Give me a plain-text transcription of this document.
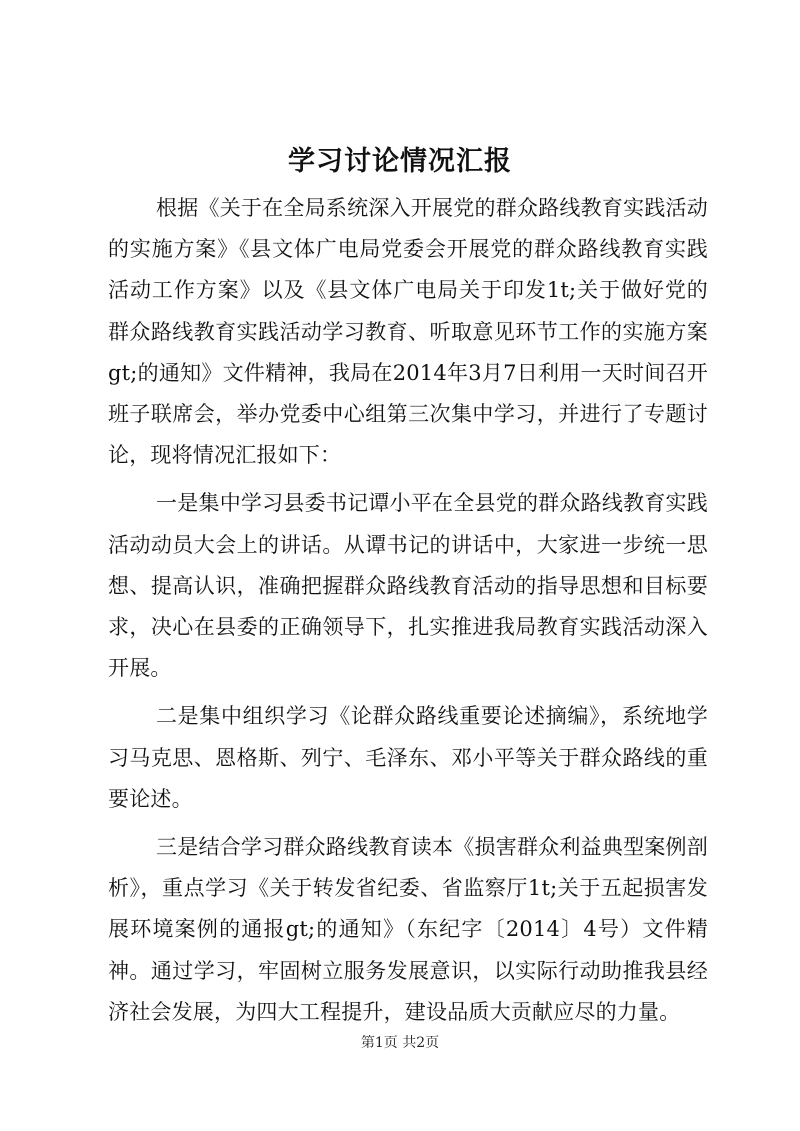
学习讨论情况汇报

根据《关于在全局系统深入开展党的群众路线教育实践活动的实施方案》《县文体广电局党委会开展党的群众路线教育实践活动工作方案》以及《县文体广电局关于印发1t;关于做好党的群众路线教育实践活动学习教育、听取意见环节工作的实施方案gt;的通知》文件精神，我局在2014年3月7日利用一天时间召开班子联席会，举办党委中心组第三次集中学习，并进行了专题讨论，现将情况汇报如下：

一是集中学习县委书记谭小平在全县党的群众路线教育实践活动动员大会上的讲话。从谭书记的讲话中，大家进一步统一思想、提高认识，准确把握群众路线教育活动的指导思想和目标要求，决心在县委的正确领导下，扎实推进我局教育实践活动深入开展。

二是集中组织学习《论群众路线重要论述摘编》，系统地学习马克思、恩格斯、列宁、毛泽东、邓小平等关于群众路线的重要论述。

三是结合学习群众路线教育读本《损害群众利益典型案例剖析》，重点学习《关于转发省纪委、省监察厅1t;关于五起损害发展环境案例的通报gt;的通知》（东纪字〔2014〕4号）文件精神。通过学习，牢固树立服务发展意识，以实际行动助推我县经济社会发展，为四大工程提升，建设品质大贡献应尽的力量。

第1页 共2页
